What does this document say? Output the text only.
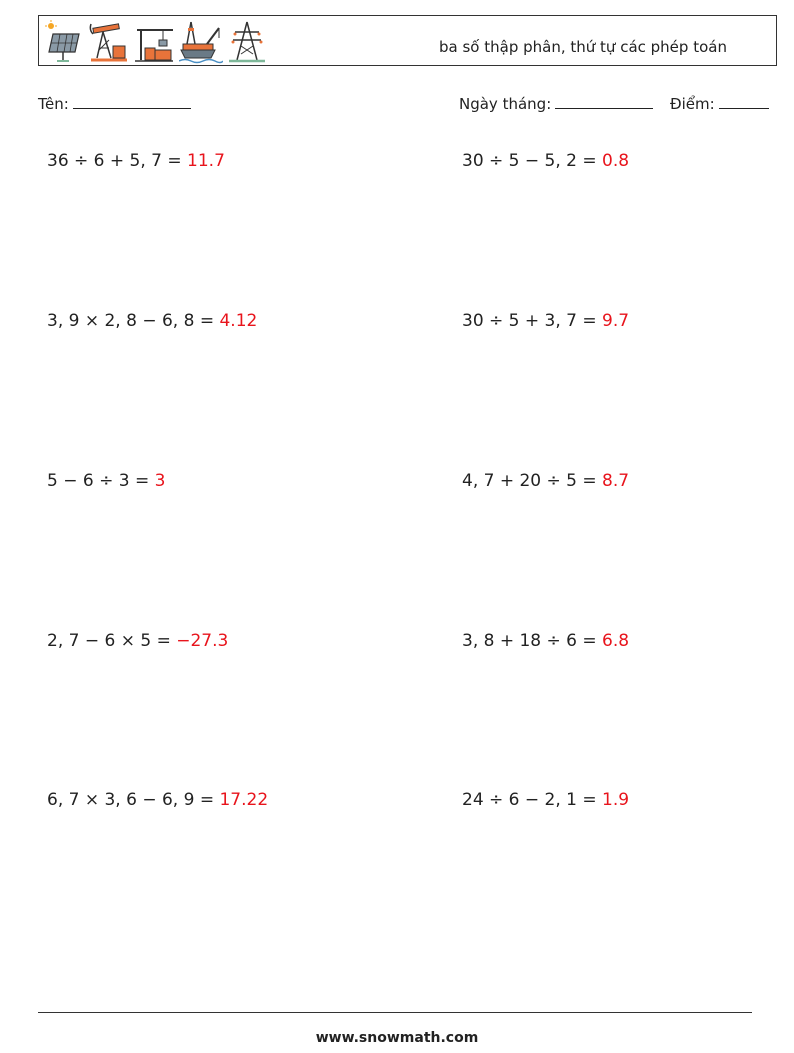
ba số thập phân, thứ tự các phép toán
Tên:	Ngày tháng:	Điểm:
36 ÷ 6 + 5, 7 = 11.7	30 ÷ 5 − 5, 2 = 0.8
3, 9 × 2, 8 − 6, 8 = 4.12	30 ÷ 5 + 3, 7 = 9.7
5 − 6 ÷ 3 = 3	4, 7 + 20 ÷ 5 = 8.7
2, 7 − 6 × 5 = −27.3	3, 8 + 18 ÷ 6 = 6.8
6, 7 × 3, 6 − 6, 9 = 17.22	24 ÷ 6 − 2, 1 = 1.9
www.snowmath.com
